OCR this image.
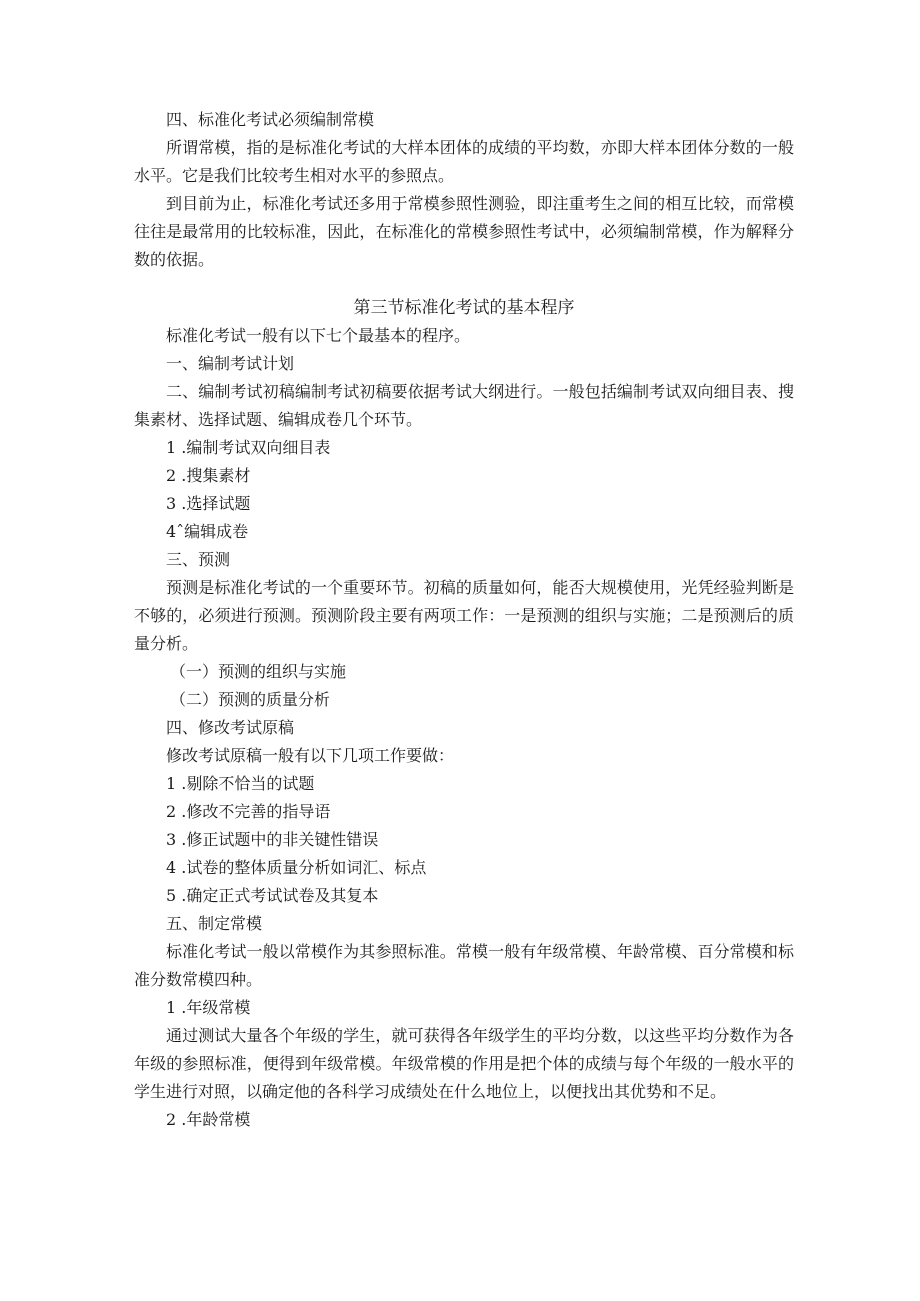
四、标准化考试必须编制常模

所谓常模，指的是标准化考试的大样本团体的成绩的平均数，亦即大样本团体分数的一般水平。它是我们比较考生相对水平的参照点。

到目前为止，标准化考试还多用于常模参照性测验，即注重考生之间的相互比较，而常模往往是最常用的比较标准，因此，在标准化的常模参照性考试中，必须编制常模，作为解释分数的依据。

第三节标准化考试的基本程序

标准化考试一般有以下七个最基本的程序。

一、编制考试计划

二、编制考试初稿编制考试初稿要依据考试大纲进行。一般包括编制考试双向细目表、搜集素材、选择试题、编辑成卷几个环节。

1 .编制考试双向细目表

2 .搜集素材

3 .选择试题

4ˆ编辑成卷

三、预测

预测是标准化考试的一个重要环节。初稿的质量如何，能否大规模使用，光凭经验判断是不够的，必须进行预测。预测阶段主要有两项工作：一是预测的组织与实施；二是预测后的质量分析。

（一）预测的组织与实施

（二）预测的质量分析

四、修改考试原稿

修改考试原稿一般有以下几项工作要做：

1 .剔除不恰当的试题

2 .修改不完善的指导语

3 .修正试题中的非关键性错误

4 .试卷的整体质量分析如词汇、标点

5 .确定正式考试试卷及其复本

五、制定常模

标准化考试一般以常模作为其参照标准。常模一般有年级常模、年龄常模、百分常模和标准分数常模四种。

1 .年级常模

通过测试大量各个年级的学生，就可获得各年级学生的平均分数，以这些平均分数作为各年级的参照标准，便得到年级常模。年级常模的作用是把个体的成绩与每个年级的一般水平的学生进行对照，以确定他的各科学习成绩处在什么地位上，以便找出其优势和不足。

2 .年龄常模
